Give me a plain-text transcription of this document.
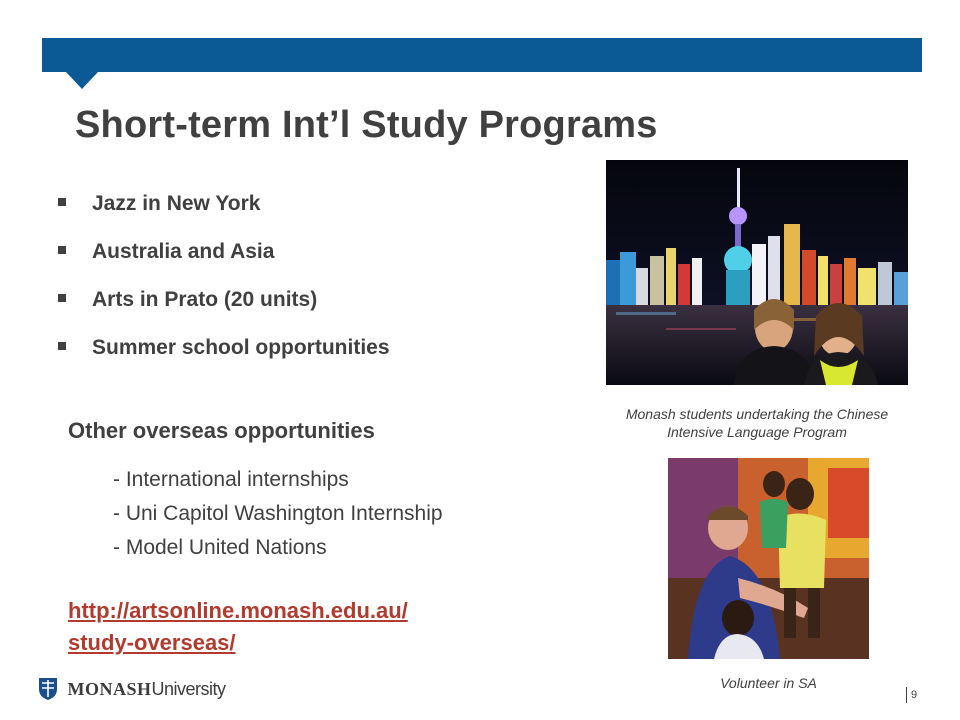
Short-term Int’l Study Programs
Jazz in New York
Australia and Asia
Arts in Prato (20 units)
Summer school opportunities
Other overseas opportunities
- International internships
- Uni Capitol Washington Internship
- Model United Nations
http://artsonline.monash.edu.au/
study-overseas/
Monash students undertaking the Chinese
Intensive Language Program
Volunteer in SA
MONASHUniversity	9
